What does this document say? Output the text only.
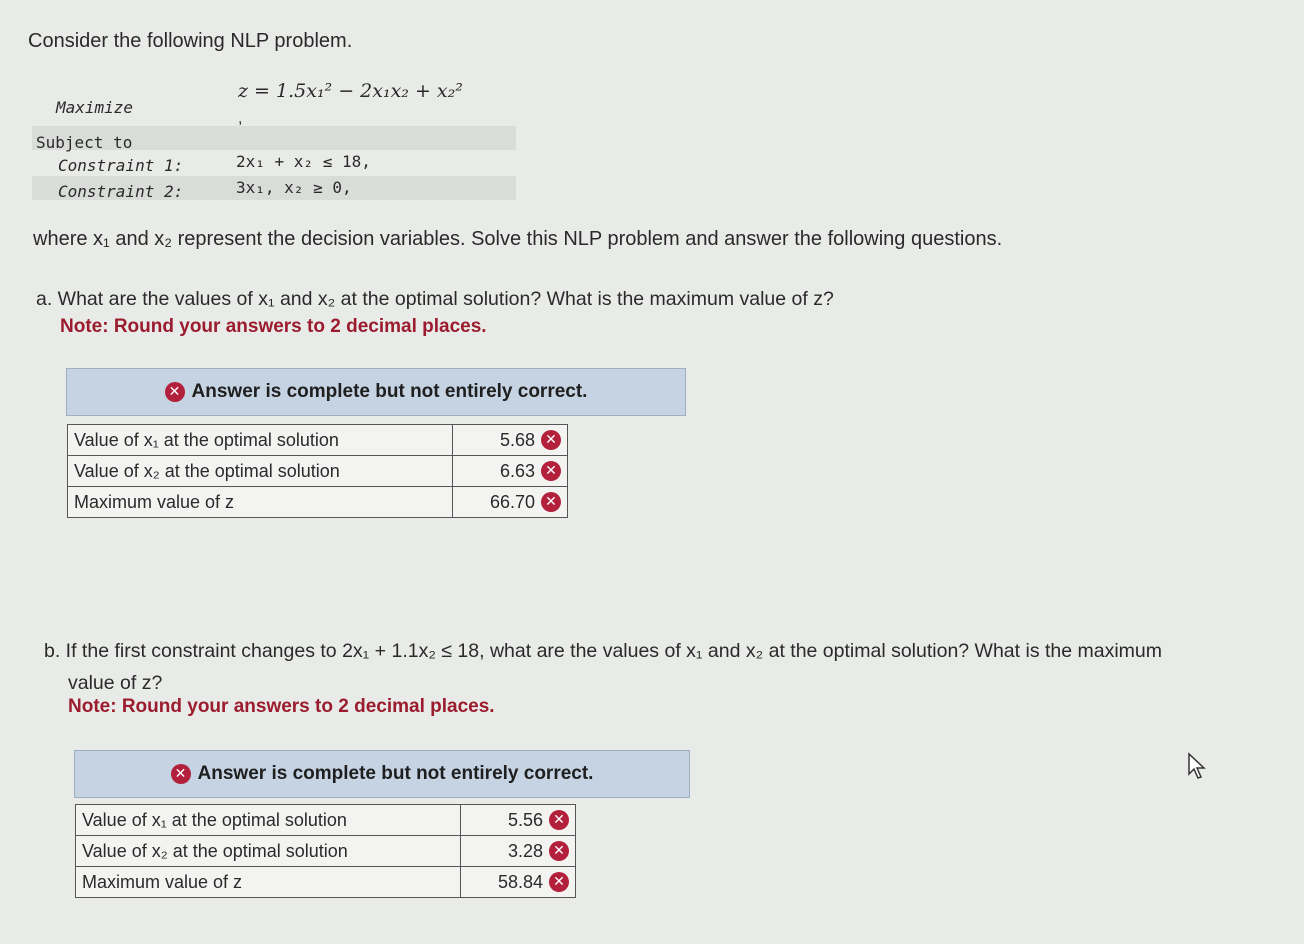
Consider the following NLP problem.
Maximize
z = 1.5x₁² − 2x₁x₂ + x₂²
,
Subject to
Constraint 1:	2x₁ + x₂ ≤ 18,
Constraint 2:	3x₁, x₂ ≥ 0,
where x₁ and x₂ represent the decision variables. Solve this NLP problem and answer the following questions.
a. What are the values of x₁ and x₂ at the optimal solution? What is the maximum value of z?
Note: Round your answers to 2 decimal places.
✕ Answer is complete but not entirely correct.
Value of x₁ at the optimal solution	5.68 ✕
Value of x₂ at the optimal solution	6.63 ✕
Maximum value of z	66.70 ✕
b. If the first constraint changes to 2x₁ + 1.1x₂ ≤ 18, what are the values of x₁ and x₂ at the optimal solution? What is the maximum
value of z?
Note: Round your answers to 2 decimal places.
✕ Answer is complete but not entirely correct.
Value of x₁ at the optimal solution	5.56 ✕
Value of x₂ at the optimal solution	3.28 ✕
Maximum value of z	58.84 ✕
